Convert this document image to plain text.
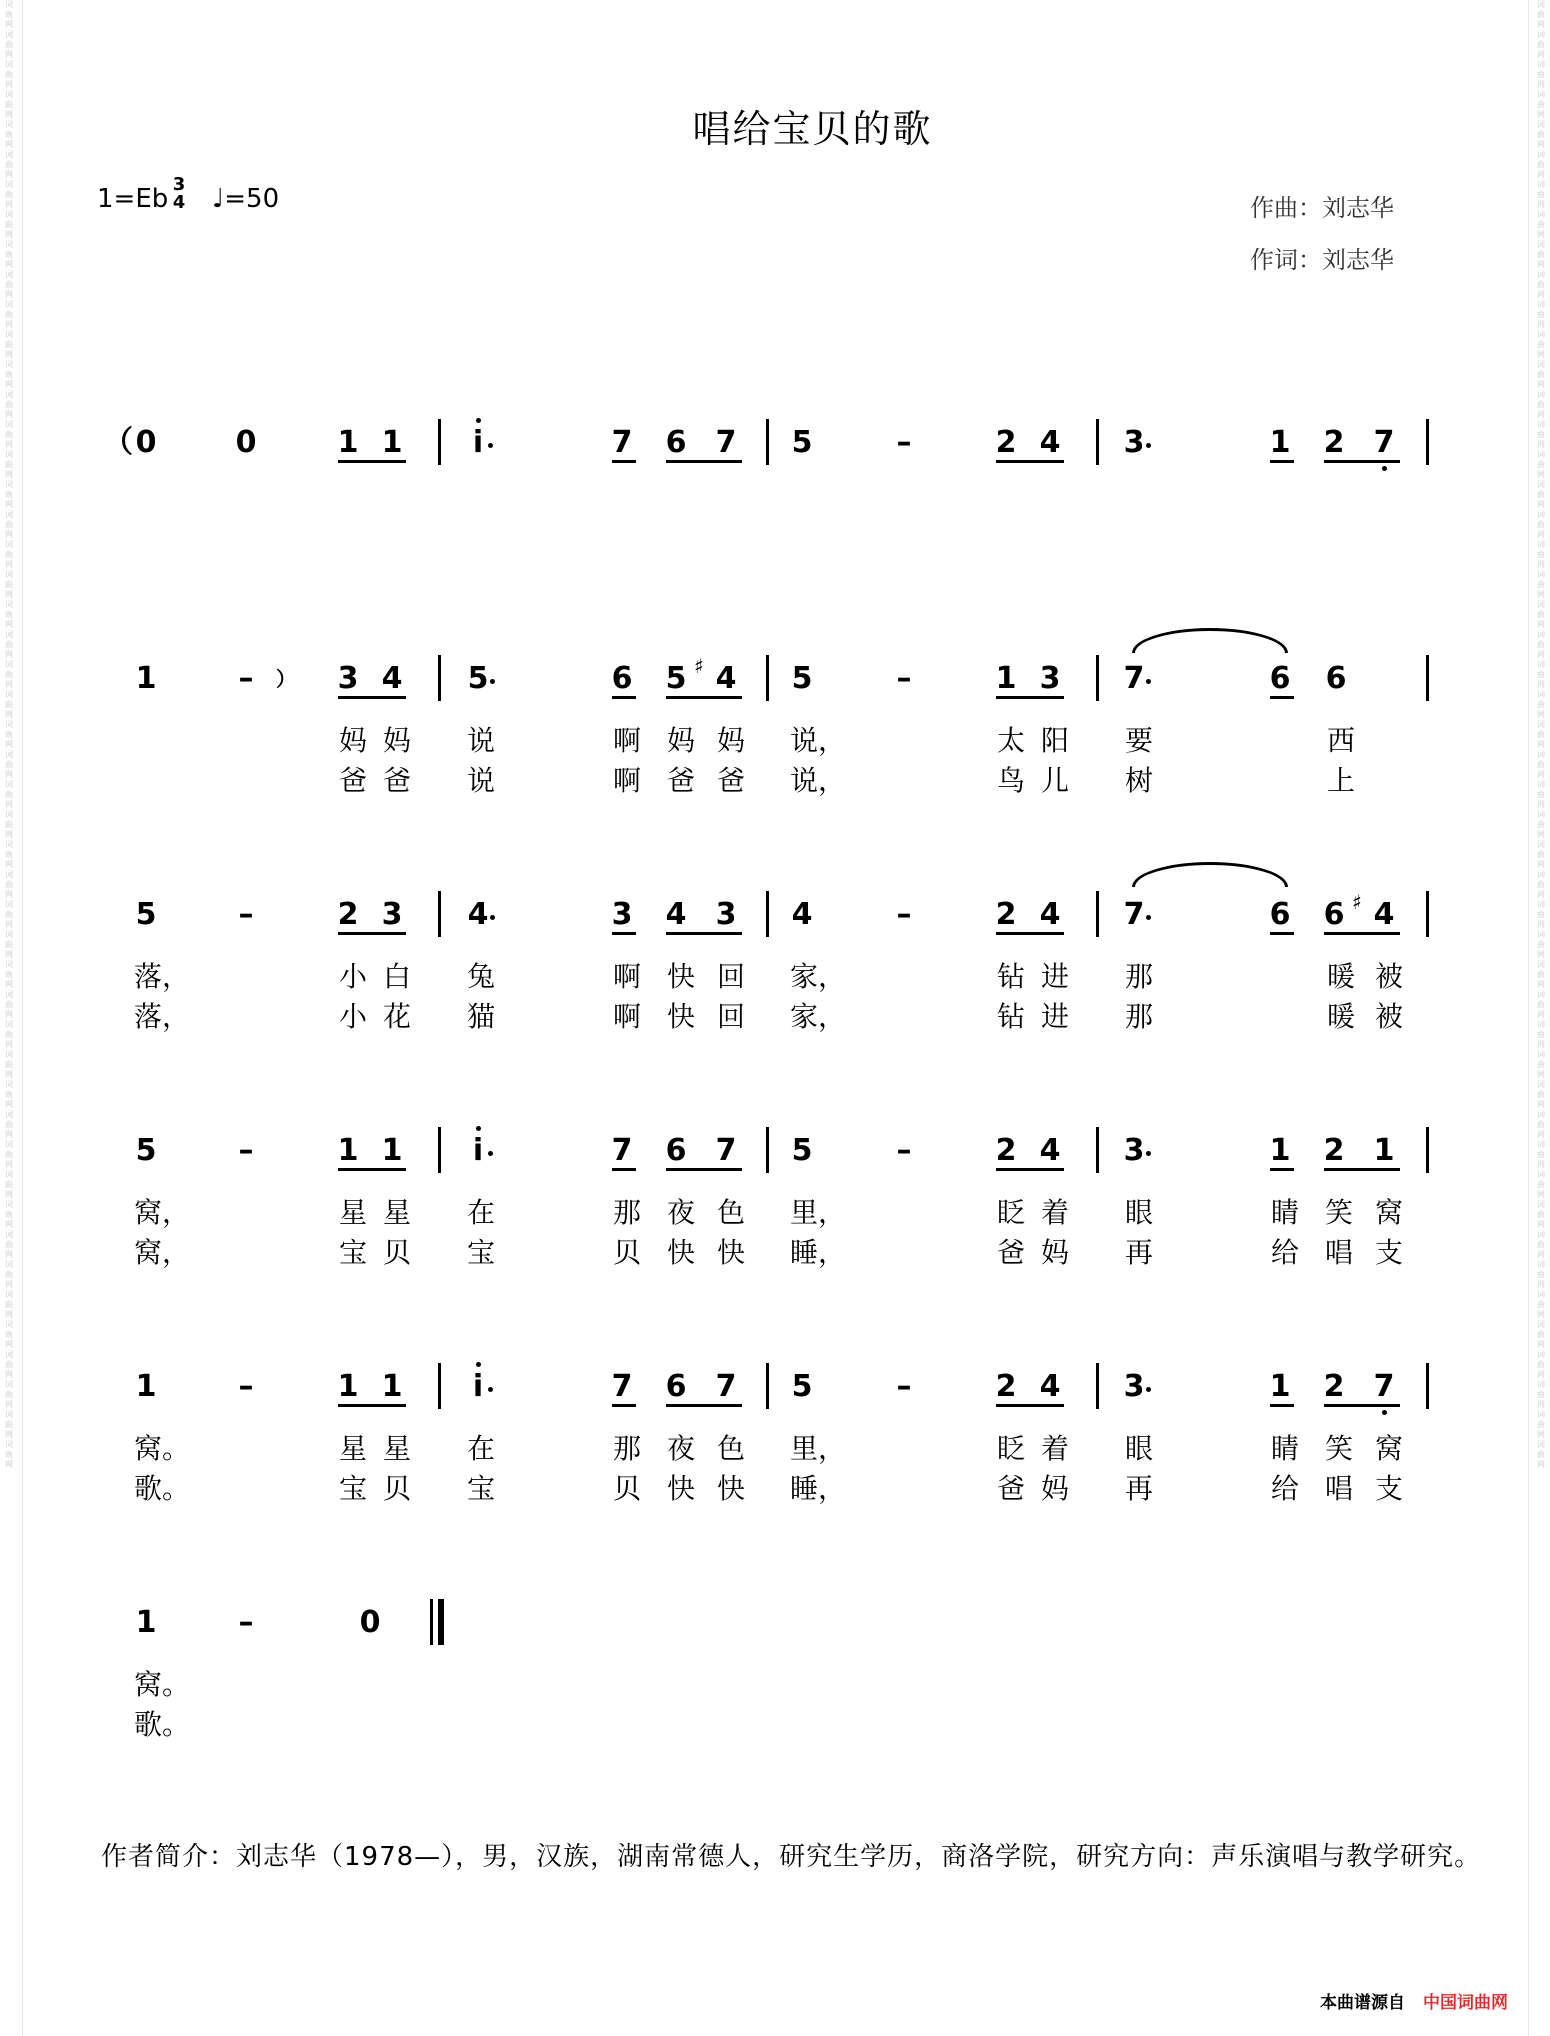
词曲网词曲网词曲网词曲网词曲网词曲网词曲网词曲网词曲网词曲网词曲网词曲网词曲网词曲网词曲网词曲网词曲网词曲网词曲网词曲网词曲网词曲网词曲网词曲网词曲网词曲网词曲网词曲网词曲网词曲网词曲网词曲网词曲网词曲网词曲网词曲网词曲网词曲网词曲网词曲网词曲网词曲网词曲网词曲网词曲网词曲网词曲网词曲网词曲网
词曲网词曲网词曲网词曲网词曲网词曲网词曲网词曲网词曲网词曲网词曲网词曲网词曲网词曲网词曲网词曲网词曲网词曲网词曲网词曲网词曲网词曲网词曲网词曲网词曲网词曲网词曲网词曲网词曲网词曲网词曲网词曲网词曲网词曲网词曲网词曲网词曲网词曲网词曲网词曲网词曲网词曲网词曲网词曲网词曲网词曲网词曲网词曲网词曲网
唱给宝贝的歌
1=Eb 3
4 ♩=50	作曲：刘志华
作词：刘志华
（ 0	0	1 1 i	7 6 7 5	–	2 4 3	1 2 7
1	–	） 3 4 5	6 5 ♯ 4 5	–	1 3 7	6 6
妈 妈 说	啊 妈 妈 说，	太 阳 要	西
爸 爸 说	啊 爸 爸 说，	鸟 儿 树	上
5	–	2 3 4	3 4 3 4	–	2 4 7	6 6 ♯ 4
落，	小 白 兔	啊 快 回 家，	钻 进 那	暖 被
落，	小 花 猫	啊 快 回 家，	钻 进 那	暖 被
5	–	1 1 i	7 6 7 5	–	2 4 3	1 2 1
窝，	星 星 在	那 夜 色 里，	眨 着 眼	睛 笑 窝
窝，	宝 贝 宝	贝 快 快 睡，	爸 妈 再	给 唱 支
1	–	1 1 i	7 6 7 5	–	2 4 3	1 2 7
窝。	星 星 在	那 夜 色 里，	眨 着 眼	睛 笑 窝
歌。	宝 贝 宝	贝 快 快 睡，	爸 妈 再	给 唱 支
1	–	0
窝。
歌。
作者简介：刘志华（1978—），男，汉族，湖南常德人，研究生学历，商洛学院，研究方向：声乐演唱与教学研究。
本曲谱源自 中国词曲网
